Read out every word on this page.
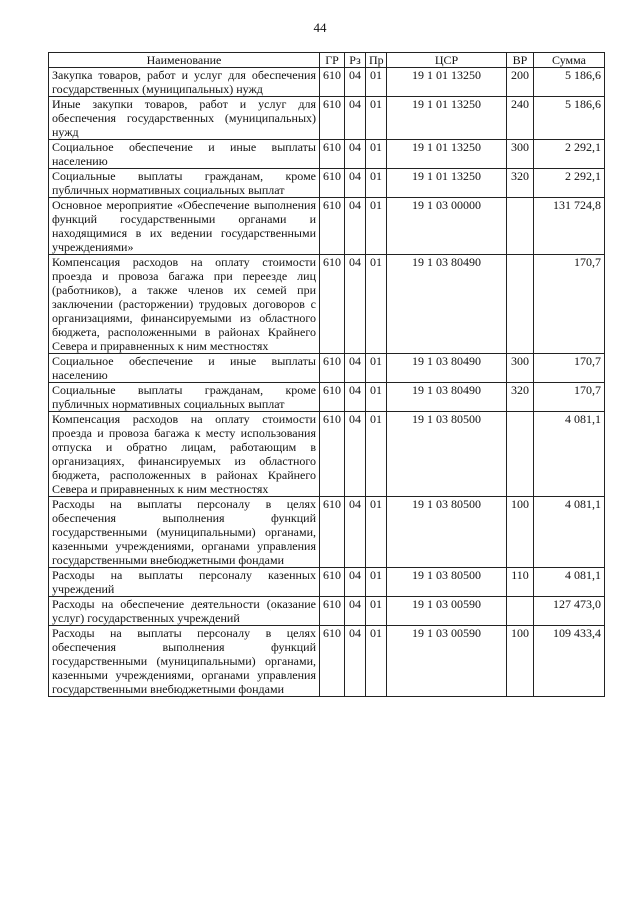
44
Наименование	ГР	Рз	Пр	ЦСР	ВР	Сумма
Закупка товаров, работ и услуг для обеспечения государственных (муниципальных) нужд	610	04	01	19 1 01 13250	200	5 186,6
Иные закупки товаров, работ и услуг для обеспечения государственных (муниципальных) нужд	610	04	01	19 1 01 13250	240	5 186,6
Социальное обеспечение и иные выплаты населению	610	04	01	19 1 01 13250	300	2 292,1
Социальные выплаты гражданам, кроме публичных нормативных социальных выплат	610	04	01	19 1 01 13250	320	2 292,1
Основное мероприятие «Обеспечение выполнения функций государственными органами и находящимися в их ведении государственными учреждениями»	610	04	01	19 1 03 00000		131 724,8
Компенсация расходов на оплату стоимости проезда и провоза багажа при переезде лиц (работников), а также членов их семей при заключении (расторжении) трудовых договоров с организациями, финансируемыми из областного бюджета, расположенными в районах Крайнего Севера и приравненных к ним местностях	610	04	01	19 1 03 80490		170,7
Социальное обеспечение и иные выплаты населению	610	04	01	19 1 03 80490	300	170,7
Социальные выплаты гражданам, кроме публичных нормативных социальных выплат	610	04	01	19 1 03 80490	320	170,7
Компенсация расходов на оплату стоимости проезда и провоза багажа к месту использования отпуска и обратно лицам, работающим в организациях, финансируемых из областного бюджета, расположенных в районах Крайнего Севера и приравненных к ним местностях	610	04	01	19 1 03 80500		4 081,1
Расходы на выплаты персоналу в целях обеспечения выполнения функций государственными (муниципальными) органами, казенными учреждениями, органами управления государственными внебюджетными фондами	610	04	01	19 1 03 80500	100	4 081,1
Расходы на выплаты персоналу казенных учреждений	610	04	01	19 1 03 80500	110	4 081,1
Расходы на обеспечение деятельности (оказание услуг) государственных учреждений	610	04	01	19 1 03 00590		127 473,0
Расходы на выплаты персоналу в целях обеспечения выполнения функций государственными (муниципальными) органами, казенными учреждениями, органами управления государственными внебюджетными фондами	610	04	01	19 1 03 00590	100	109 433,4
